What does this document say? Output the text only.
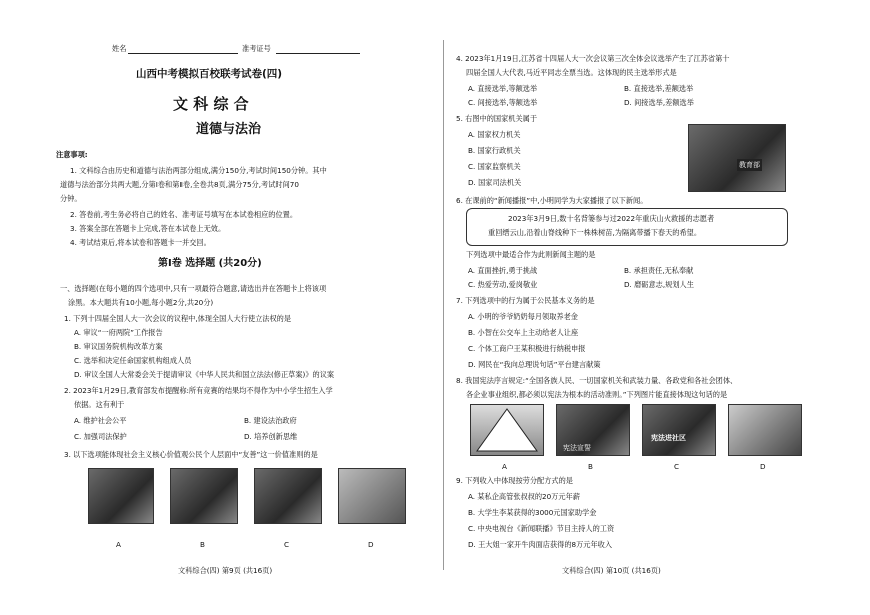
姓名	准考证号
山西中考模拟百校联考试卷(四)
文 科 综 合
道德与法治
注意事项:
1. 文科综合由历史和道德与法治两部分组成,满分150分,考试时间150分钟。其中
道德与法治部分共两大题,分第Ⅰ卷和第Ⅱ卷,全卷共8页,满分75分,考试时间70
分钟。
2. 答卷前,考生务必将自己的姓名、准考证号填写在本试卷相应的位置。
3. 答案全部在答题卡上完成,答在本试卷上无效。
4. 考试结束后,将本试卷和答题卡一并交回。
第Ⅰ卷 选择题 (共20分)
一、选择题(在每小题的四个选项中,只有一项最符合题意,请选出并在答题卡上将该项
涂黑。本大题共有10小题,每小题2分,共20分)
1. 下列十四届全国人大一次会议的议程中,体现全国人大行使立法权的是
A. 审议“一府两院”工作报告
B. 审议国务院机构改革方案
C. 选举和决定任命国家机构组成人员
D. 审议全国人大常委会关于提请审议《中华人民共和国立法法(修正草案)》的议案
2. 2023年1月29日,教育部发布提醒称:所有竞赛的结果均不得作为中小学生招生入学
依据。这有利于
A. 维护社会公平	B. 建设法治政府
C. 加强司法保护	D. 培养创新思维
3. 以下选项能体现社会主义核心价值观公民个人层面中“友善”这一价值准则的是
A	B	C	D
文科综合(四) 第9页 (共16页)
4. 2023年1月19日,江苏省十四届人大一次会议第三次全体会议选举产生了江苏省第十
四届全国人大代表,马近平同志全票当选。这体现的民主选举形式是
A. 直接选举,等额选举	B. 直接选举,差额选举
C. 间接选举,等额选举	D. 间接选举,差额选举
5. 右图中的国家机关属于
A. 国家权力机关
B. 国家行政机关
C. 国家监察机关
D. 国家司法机关
教育部
6. 在课前的“新闻播报”中,小明同学为大家播报了以下新闻。
2023年3月9日,数十名背篓参与过2022年重庆山火救援的志愿者
重回缙云山,沿着山脊线种下一株株树苗,为隔离带播下春天的希望。
下列选项中最适合作为此则新闻主题的是
A. 直面挫折,勇于挑战	B. 承担责任,无私奉献
C. 热爱劳动,爱岗敬业	D. 磨砺意志,规划人生
7. 下列选项中的行为属于公民基本义务的是
A. 小明的爷爷奶奶每月领取养老金
B. 小智在公交车上主动给老人让座
C. 个体工商户王某积极进行纳税申报
D. 网民在“我向总理说句话”平台建言献策
8. 我国宪法序言规定:“全国各族人民、一切国家机关和武装力量、各政党和各社会团体、
各企业事业组织,都必须以宪法为根本的活动准则。”下列图片能直接体现这句话的是
宪法宣誓
宪法进社区
A	B	C	D
9. 下列收入中体现按劳分配方式的是
A. 某私企高管张叔叔的20万元年薪
B. 大学生李某获得的3000元国家助学金
C. 中央电视台《新闻联播》节目主持人的工资
D. 王大姐一家开牛肉面店获得的8万元年收入
文科综合(四) 第10页 (共16页)
